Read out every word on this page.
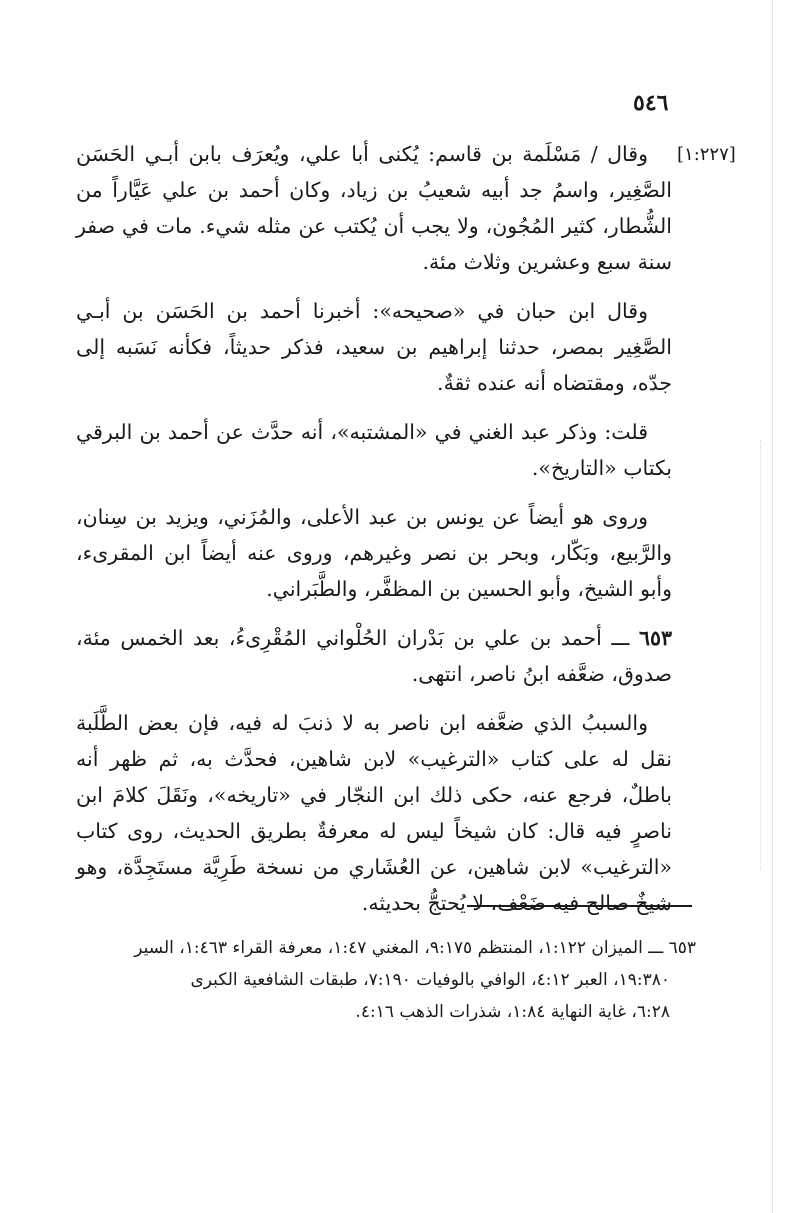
٥٤٦
[١:٢٢٧]

وقال / مَسْلَمة بن قاسم: يُكنى أبا علي، ويُعرَف بابن أبـي الحَسَن الصَّغِير، واسمُ جد أبيه شعيبُ بن زياد، وكان أحمد بن علي عَيَّاراً من الشُّطار، كثير المُجُون، ولا يجب أن يُكتب عن مثله شيء. مات في صفر سنة سبع وعشرين وثلاث مئة.

وقال ابن حبان في «صحيحه»: أخبرنا أحمد بن الحَسَن بن أبـي الصَّغِير بمصر، حدثنا إبراهيم بن سعيد، فذكر حديثاً، فكأنه نَسَبه إلى جدّه، ومقتضاه أنه عنده ثقةٌ.

قلت: وذكر عبد الغني في «المشتبه»، أنه حدَّث عن أحمد بن البرقي بكتاب «التاريخ».

وروى هو أيضاً عن يونس بن عبد الأعلى، والمُزَني، ويزيد بن سِنان، والرَّبيع، وبَكّار، وبحر بن نصر وغيرهم، وروى عنه أيضاً ابن المقرىء، وأبو الشيخ، وأبو الحسين بن المظفَّر، والطَّبَراني.

٦٥٣ ـــ أحمد بن علي بن بَدْران الحُلْواني المُقْرِىءُ، بعد الخمس مئة، صدوق، ضعَّفه ابنُ ناصر، انتهى.

والسببُ الذي ضعَّفه ابن ناصر به لا ذنبَ له فيه، فإن بعض الطَّلَبة نقل له على كتاب «الترغيب» لابن شاهين، فحدَّث به، ثم ظهر أنه باطلٌ، فرجع عنه، حكى ذلك ابن النجّار في «تاريخه»، ونَقَلَ كلامَ ابن ناصرٍ فيه قال: كان شيخاً ليس له معرفةٌ بطريق الحديث، روى كتاب «الترغيب» لابن شاهين، عن العُشَاري من نسخة طَرِيَّة مستَجِدَّة، وهو شيخٌ صالح فيه ضَعْف، لا يُحتجُّ بحديثه.

٦٥٣ ـــ الميزان ١:١٢٢، المنتظم ٩:١٧٥، المغني ١:٤٧، معرفة القراء ١:٤٦٣، السير
١٩:٣٨٠، العبر ٤:١٢، الوافي بالوفيات ٧:١٩٠، طبقات الشافعية الكبرى
٦:٢٨، غاية النهاية ١:٨٤، شذرات الذهب ٤:١٦.
